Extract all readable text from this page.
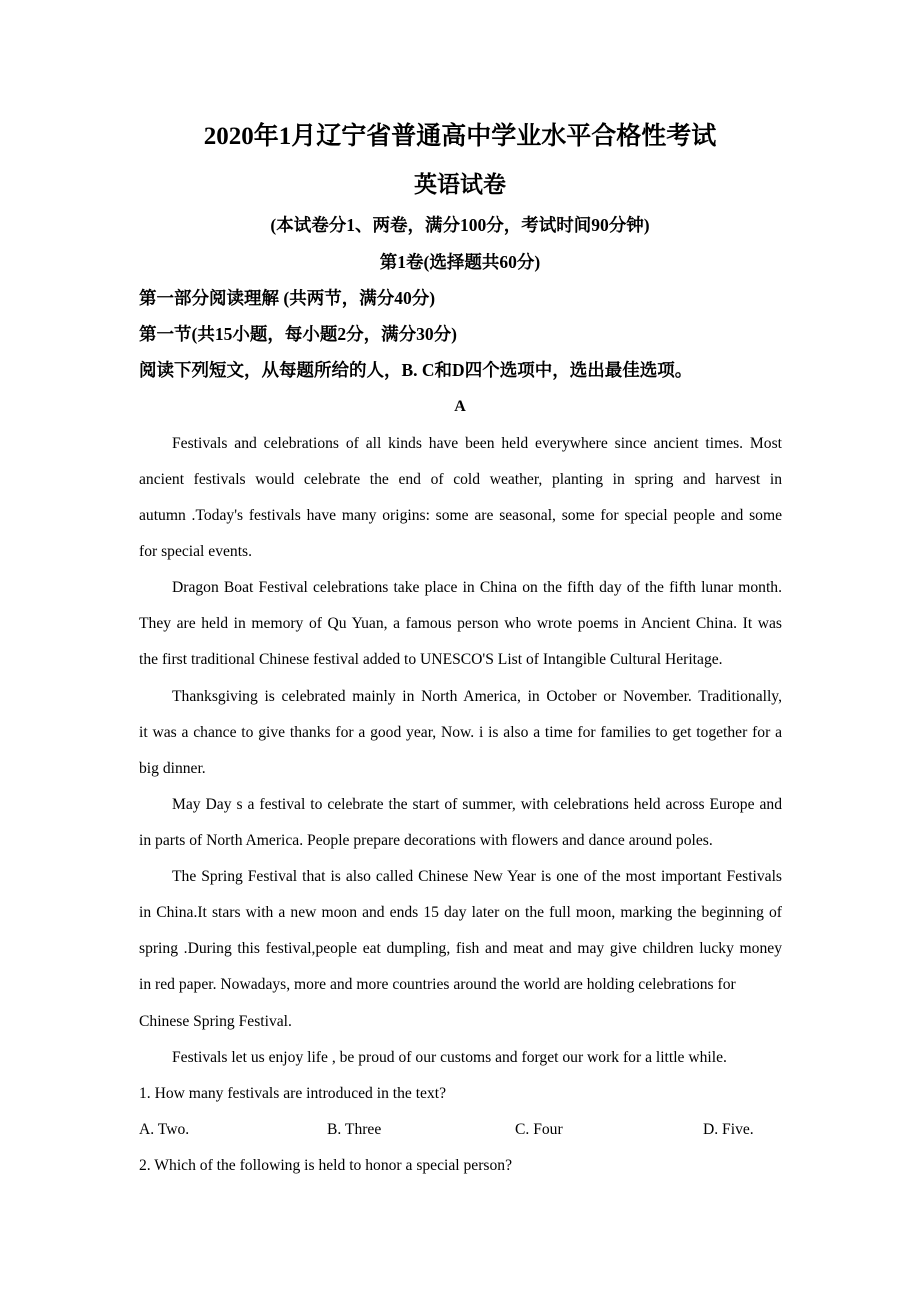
2020年1月辽宁省普通高中学业水平合格性考试
英语试卷
(本试卷分1、两卷，满分100分，考试时间90分钟)
第1卷(选择题共60分)
第一部分阅读理解 (共两节，满分40分)
第一节(共15小题，每小题2分，满分30分)
阅读下列短文，从每题所给的人，B. C和D四个选项中，选出最佳选项。
A
Festivals and celebrations of all kinds have been held everywhere since ancient times. Most
ancient festivals would celebrate the end of cold weather, planting in spring and harvest in
autumn .Today's festivals have many origins: some are seasonal, some for special people and some
for special events.
Dragon Boat Festival celebrations take place in China on the fifth day of the fifth lunar month.
They are held in memory of Qu Yuan, a famous person who wrote poems in Ancient China. It was
the first traditional Chinese festival added to UNESCO'S List of Intangible Cultural Heritage.
Thanksgiving is celebrated mainly in North America, in October or November. Traditionally,
it was a chance to give thanks for a good year, Now. i is also a time for families to get together for a
big dinner.
May Day s a festival to celebrate the start of summer, with celebrations held across Europe and
in parts of North America. People prepare decorations with flowers and dance around poles.
The Spring Festival that is also called Chinese New Year is one of the most important Festivals
in China.It stars with a new moon and ends 15 day later on the full moon, marking the beginning of
spring .During this festival,people eat dumpling, fish and meat and may give children lucky money
in red paper. Nowadays, more and more countries around the world are holding celebrations for
Chinese Spring Festival.
Festivals let us enjoy life , be proud of our customs and forget our work for a little while.
1. How many festivals are introduced in the text?
A. Two.	B. Three	C. Four	D. Five.
2. Which of the following is held to honor a special person?
